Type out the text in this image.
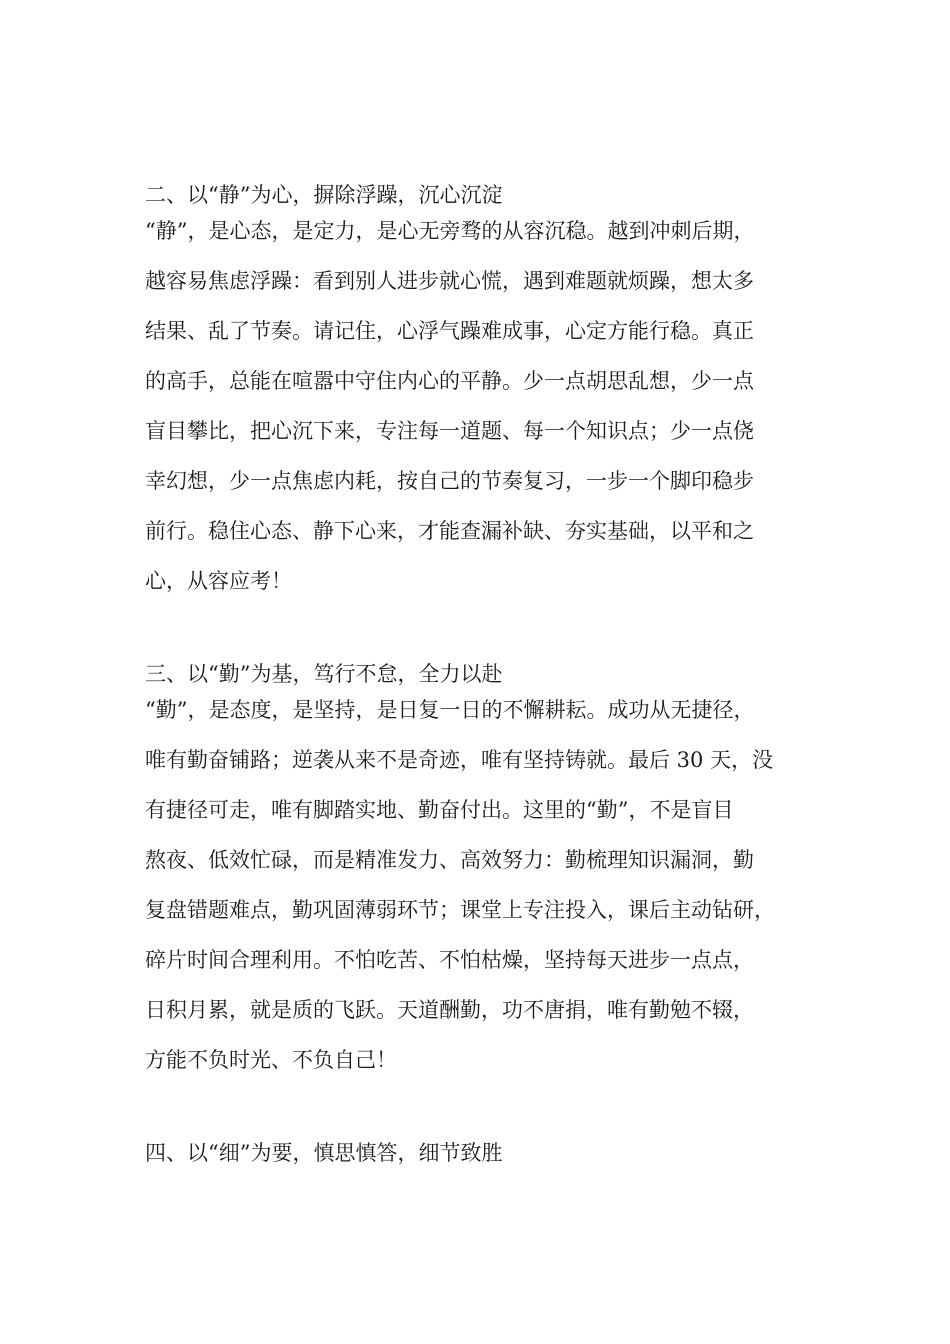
二、以“静”为心，摒除浮躁，沉心沉淀

“静”，是心态，是定力，是心无旁骛的从容沉稳。越到冲刺后期，
越容易焦虑浮躁：看到别人进步就心慌，遇到难题就烦躁，想太多
结果、乱了节奏。请记住，心浮气躁难成事，心定方能行稳。真正
的高手，总能在喧嚣中守住内心的平静。少一点胡思乱想，少一点
盲目攀比，把心沉下来，专注每一道题、每一个知识点；少一点侥
幸幻想，少一点焦虑内耗，按自己的节奏复习，一步一个脚印稳步
前行。稳住心态、静下心来，才能查漏补缺、夯实基础，以平和之
心，从容应考！

三、以“勤”为基，笃行不怠，全力以赴

“勤”，是态度，是坚持，是日复一日的不懈耕耘。成功从无捷径，
唯有勤奋铺路；逆袭从来不是奇迹，唯有坚持铸就。最后 30 天，没
有捷径可走，唯有脚踏实地、勤奋付出。这里的“勤”，不是盲目
熬夜、低效忙碌，而是精准发力、高效努力：勤梳理知识漏洞，勤
复盘错题难点，勤巩固薄弱环节；课堂上专注投入，课后主动钻研，
碎片时间合理利用。不怕吃苦、不怕枯燥，坚持每天进步一点点，
日积月累，就是质的飞跃。天道酬勤，功不唐捐，唯有勤勉不辍，
方能不负时光、不负自己！

四、以“细”为要，慎思慎答，细节致胜
